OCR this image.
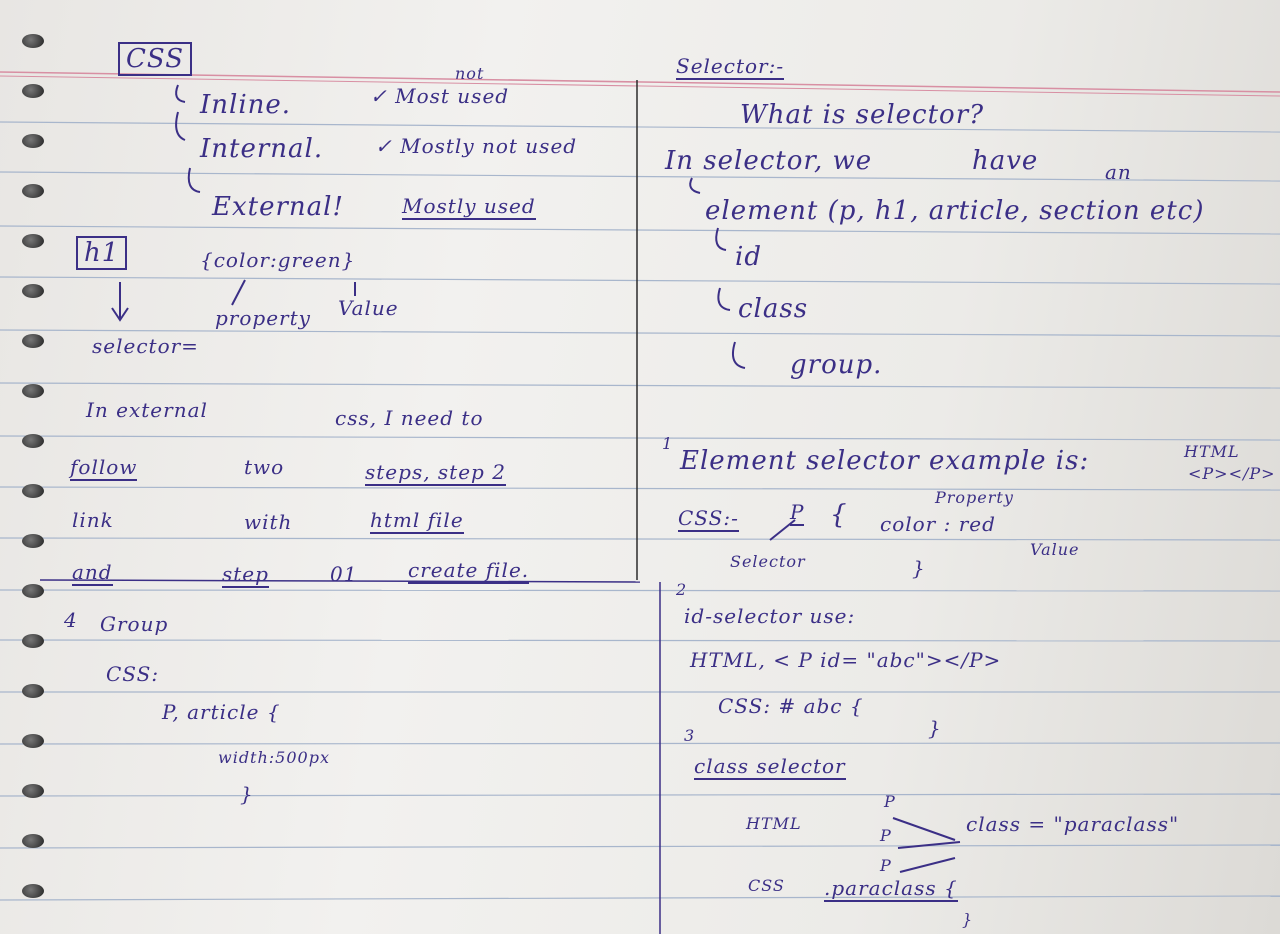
CSS
Inline.	✓ Most used
not
Internal.	✓ Mostly not used
External!	Mostly used
h1	{color:green}
property Value
selector=
In external	css, I need to
follow	two	steps, step 2
link	with	html file
and	step	01	create file.
4 Group
CSS:
P, article {
width:500px
}
Selector:-
What is selector?
In selector, we	have	an
element (p, h1, article, section etc)
id
class
group.
1
Element selector example is:	HTML
<P></P>
CSS:-	P { color : red
Property
Value
Selector	}
2
id-selector use:
HTML, < P id= "abc"></P>
CSS: # abc {
}
3
class selector
HTML
P
P
P
class = "paraclass"
CSS .paraclass {
}
